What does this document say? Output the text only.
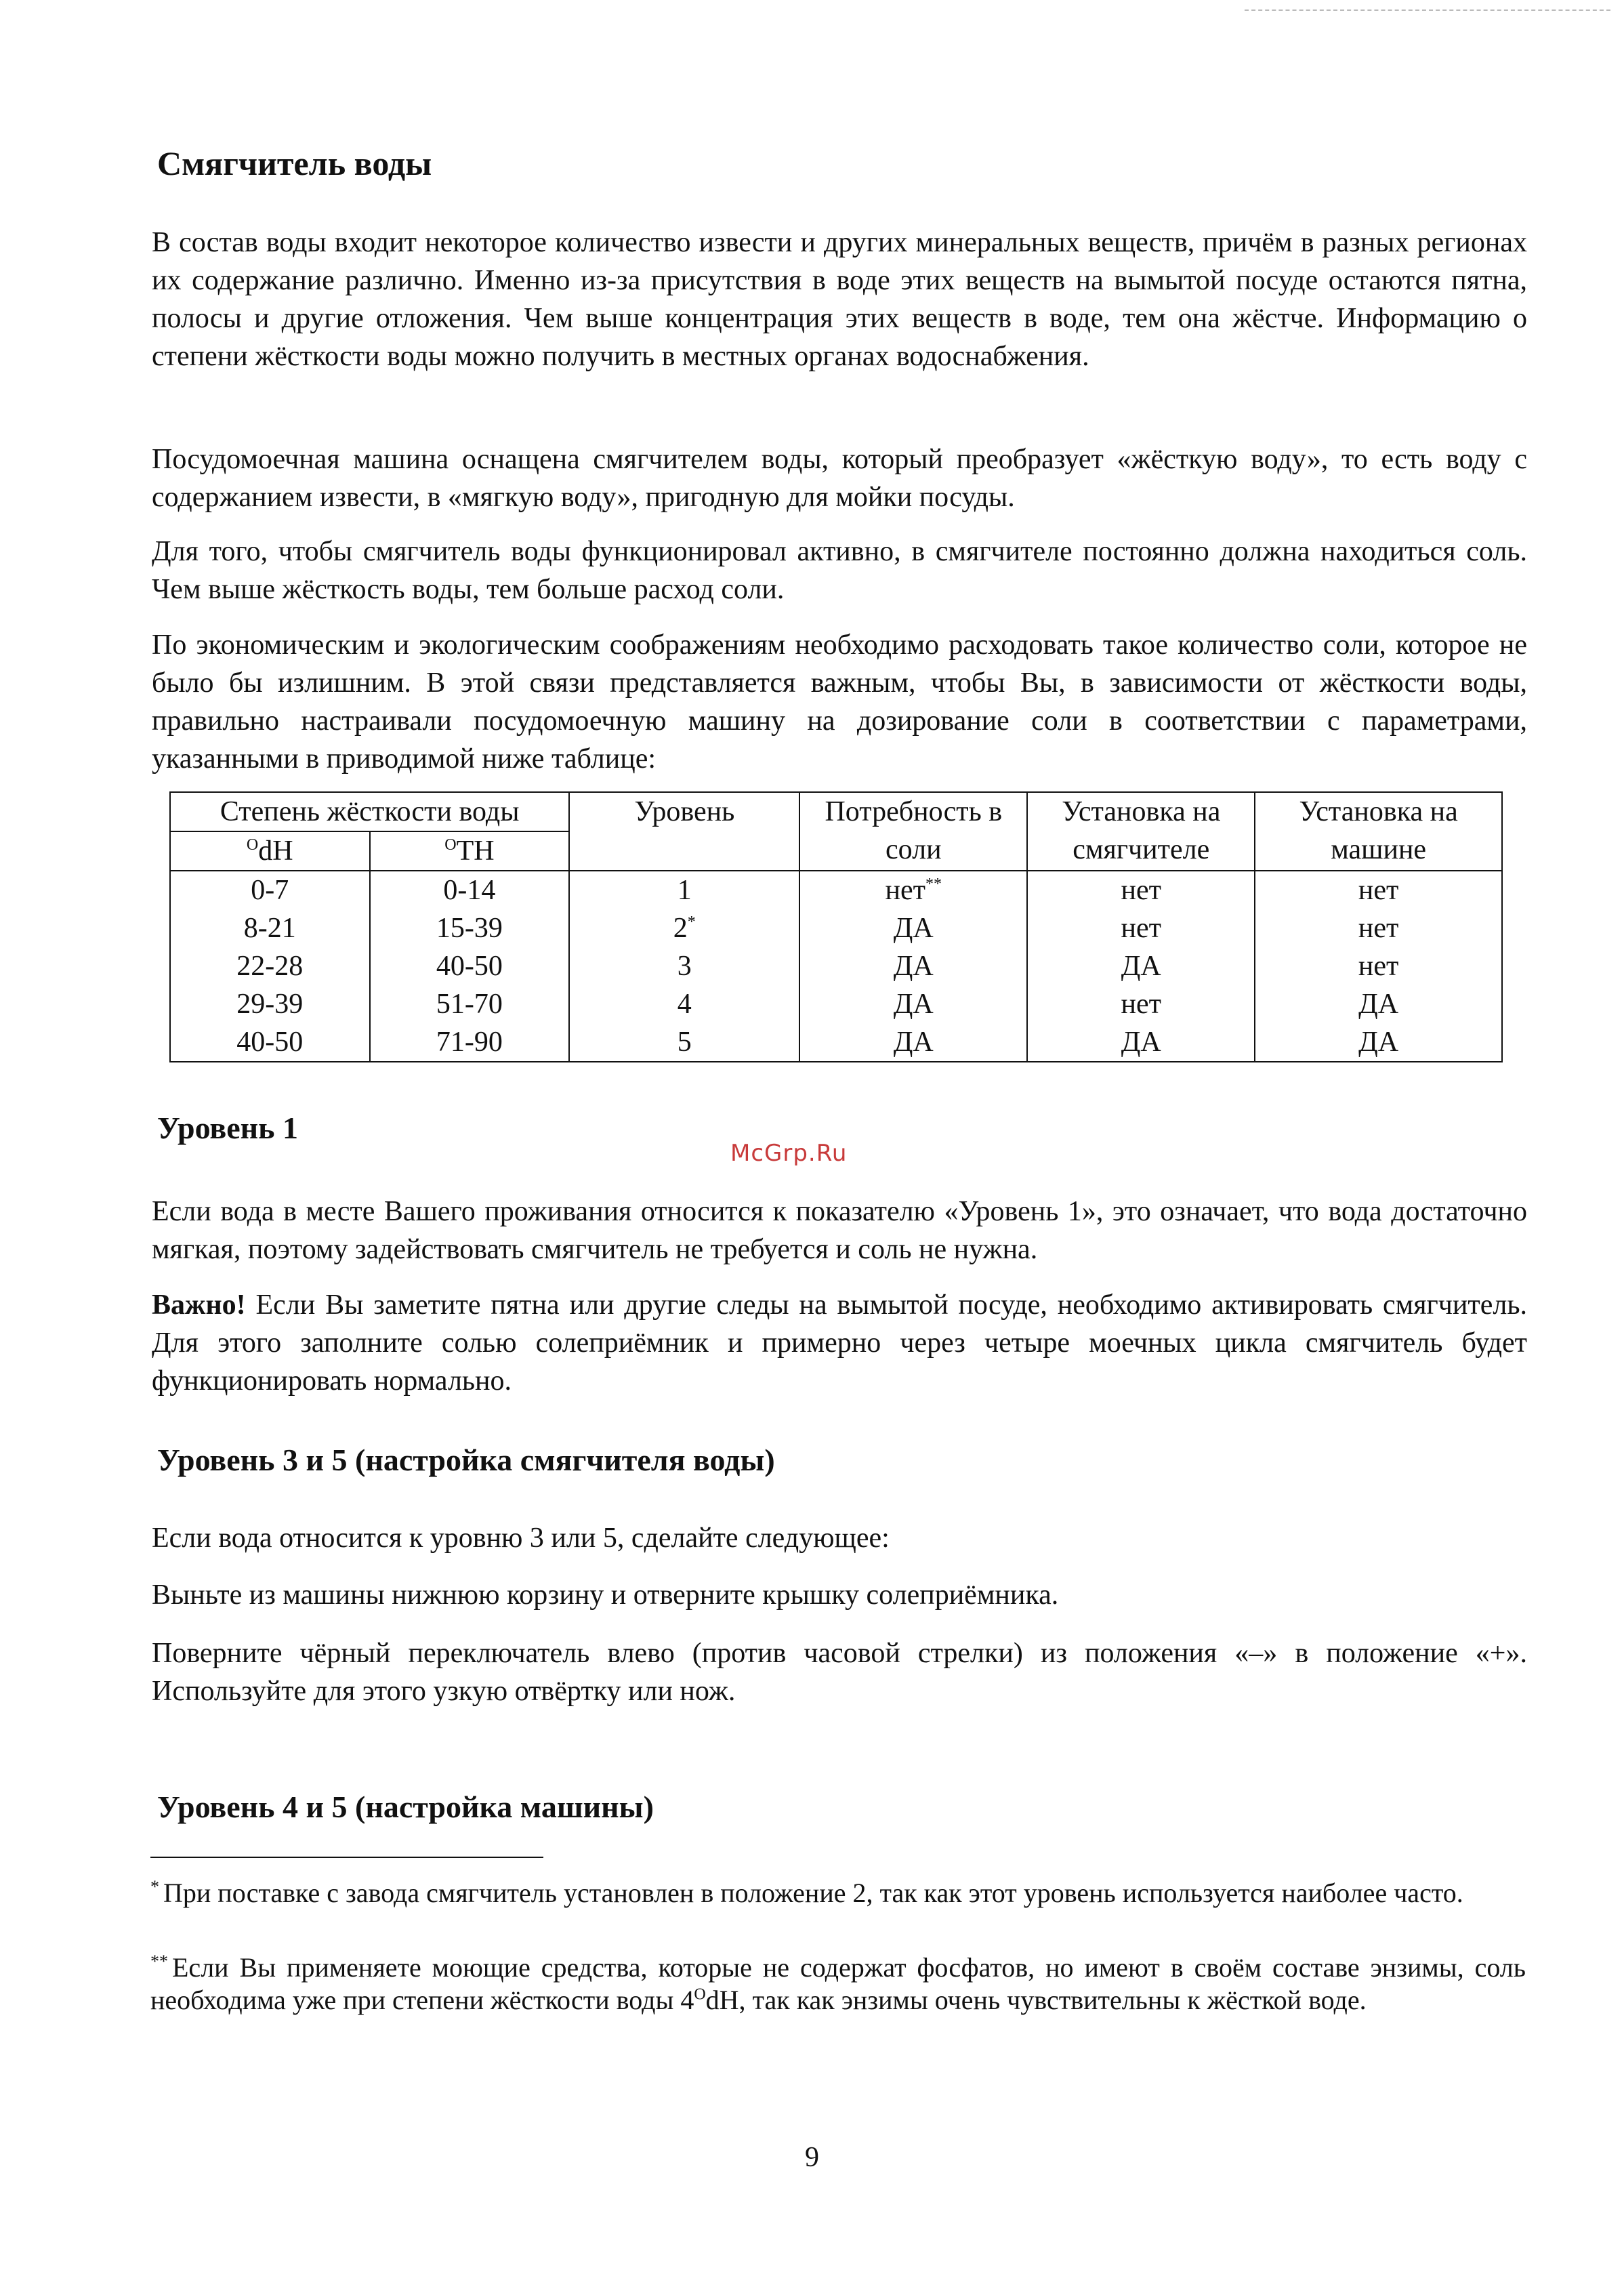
Смягчитель воды

В состав воды входит некоторое количество извести и других минеральных веществ, причём в разных регионах их содержание различно. Именно из-за присутствия в воде этих веществ на вымытой посуде остаются пятна, полосы и другие отложения. Чем выше концентрация этих веществ в воде, тем она жёстче. Информацию о степени жёсткости воды можно получить в местных органах водоснабжения.

Посудомоечная машина оснащена смягчителем воды, который преобразует «жёсткую воду», то есть воду с содержанием извести, в «мягкую воду», пригодную для мойки посуды.

Для того, чтобы смягчитель воды функционировал активно, в смягчителе постоянно должна находиться соль. Чем выше жёсткость воды, тем больше расход соли.

По экономическим и экологическим соображениям необходимо расходовать такое количество соли, которое не было бы излишним. В этой связи представляется важным, чтобы Вы, в зависимости от жёсткости воды, правильно настраивали посудомоечную машину на дозирование соли в соответствии с параметрами, указанными в приводимой ниже таблице:

Степень жёсткости воды		Уровень	Потребность в соли	Установка на смягчителе	Установка на машине
$^O$dH	$^O$TH				
0-7	0-14	1	нет**	нет	нет
8-21	15-39	2*	ДА	нет	нет
22-28	40-50	3	ДА	ДА	нет
29-39	51-70	4	ДА	нет	ДА
40-50	71-90	5	ДА	ДА	ДА
McGrp.Ru
Уровень 1

Если вода в месте Вашего проживания относится к показателю «Уровень 1», это означает, что вода достаточно мягкая, поэтому задействовать смягчитель не требуется и соль не нужна.

Важно! Если Вы заметите пятна или другие следы на вымытой посуде, необходимо активировать смягчитель. Для этого заполните солью солеприёмник и примерно через четыре моечных цикла смягчитель будет функционировать нормально.

Уровень 3 и 5 (настройка смягчителя воды)

Если вода относится к уровню 3 или 5, сделайте следующее:

Выньте из машины нижнюю корзину и отверните крышку солеприёмника.

Поверните чёрный переключатель влево (против часовой стрелки) из положения «–» в положение «+». Используйте для этого узкую отвёртку или нож.

Уровень 4 и 5 (настройка машины)
* При поставке с завода смягчитель установлен в положение 2, так как этот уровень используется наиболее часто.
** Если Вы применяете моющие средства, которые не содержат фосфатов, но имеют в своём составе энзимы, соль необходима уже при степени жёсткости воды $4^OdH$, так как энзимы очень чувствительны к жёсткой воде.
9
